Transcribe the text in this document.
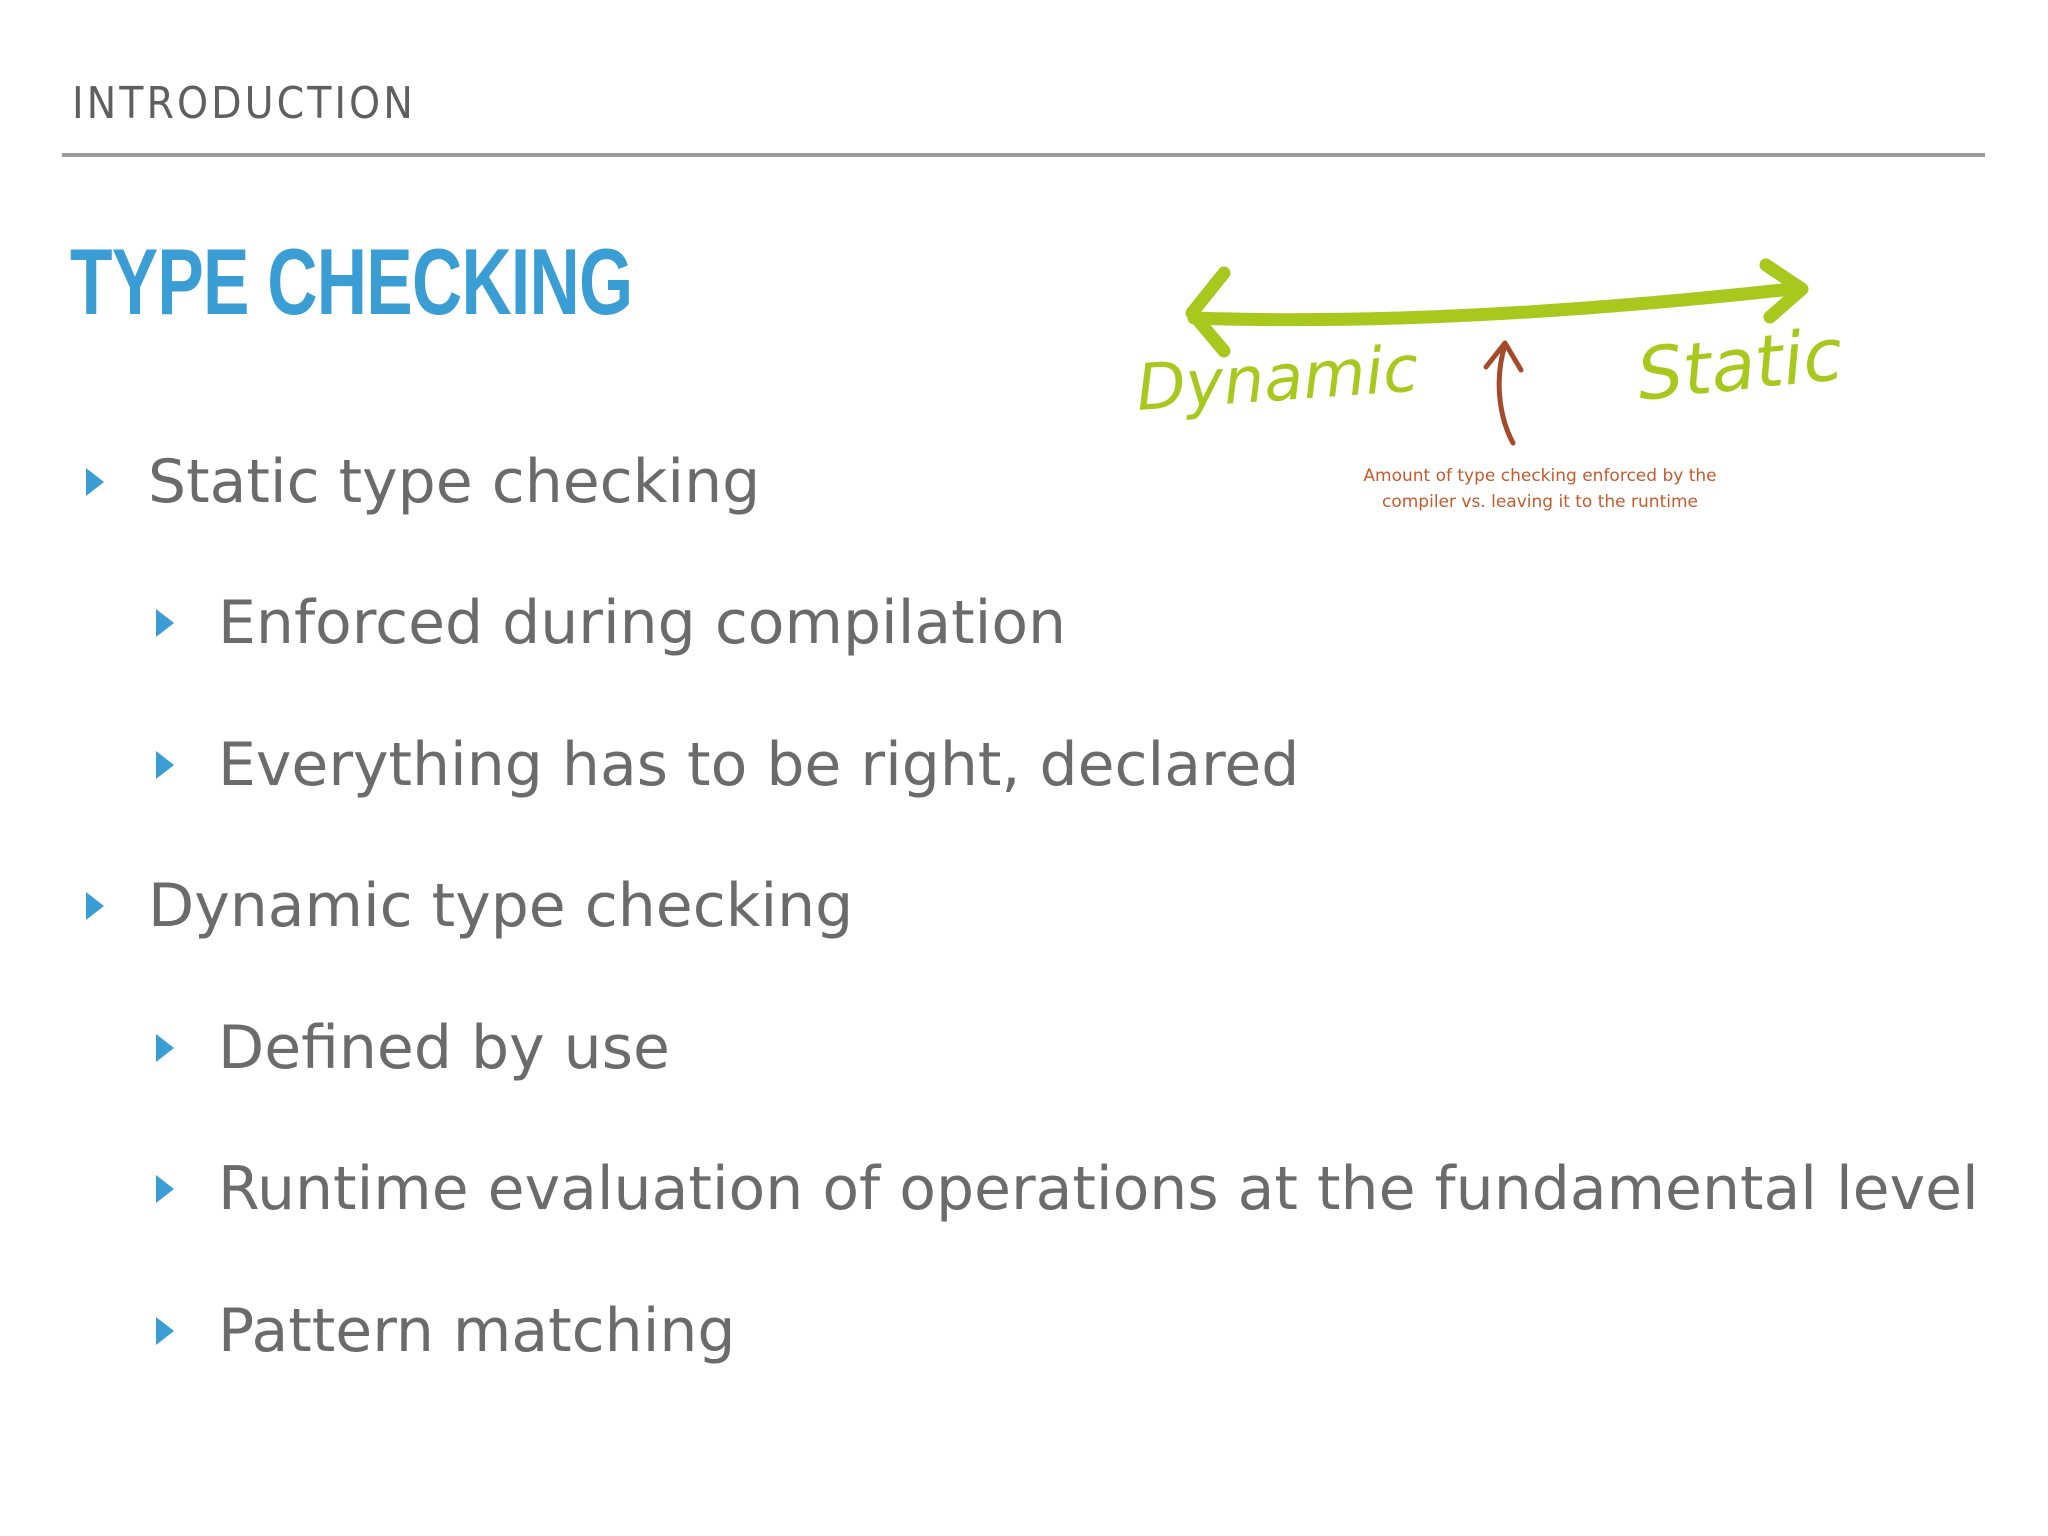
INTRODUCTION
TYPE CHECKING
Static type checking
Enforced during compilation
Everything has to be right, declared
Dynamic type checking
Defined by use
Runtime evaluation of operations at the fundamental level
Pattern matching
Dynamic	Static
Amount of type checking enforced by the
compiler vs. leaving it to the runtime
